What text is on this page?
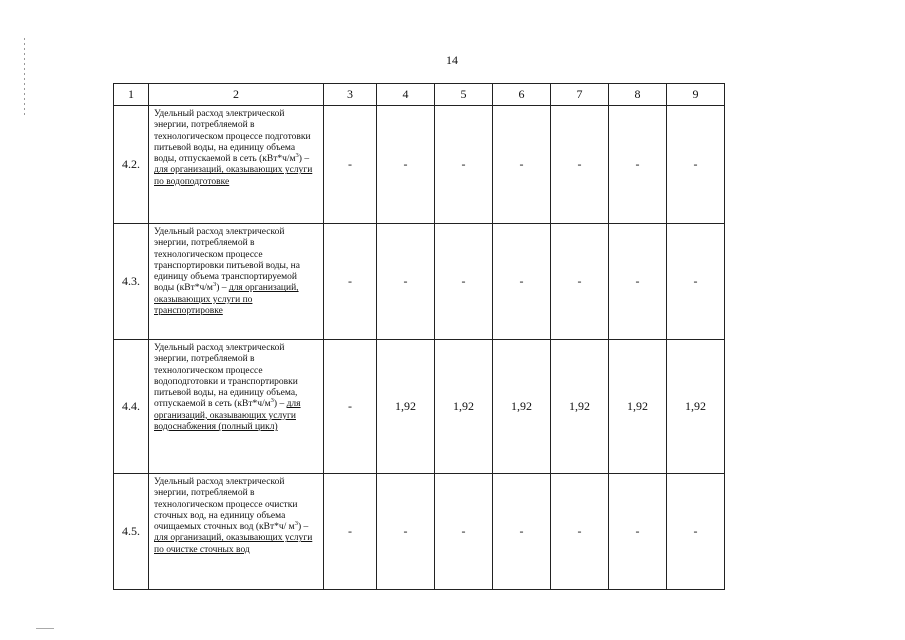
14
1	2	3	4	5	6	7	8	9
4.2.	Удельный расход электрической энергии, потребляемой в технологическом процессе подготовки питьевой воды, на единицу объема воды, отпускаемой в сеть $(кВт*ч/м^3)$ – для организаций, оказывающих услуги по водоподготовке	-	-	-	-	-	-	-
4.3.	Удельный расход электрической энергии, потребляемой в технологическом процессе транспортировки питьевой воды, на единицу объема транспортируемой воды $(кВт*ч/м^3)$ – для организаций, оказывающих услуги по транспортировке	-	-	-	-	-	-	-
4.4.	Удельный расход электрической энергии, потребляемой в технологическом процессе водоподготовки и транспортировки питьевой воды, на единицу объема, отпускаемой в сеть $(кВт*ч/м^3)$ – для организаций, оказывающих услуги водоснабжения (полный цикл)	-	1,92	1,92	1,92	1,92	1,92	1,92
4.5.	Удельный расход электрической энергии, потребляемой в технологическом процессе очистки сточных вод, на единицу объема очищаемых сточных вод (кВт*ч/ $м^3$) – для организаций, оказывающих услуги по очистке сточных вод	-	-	-	-	-	-	-
